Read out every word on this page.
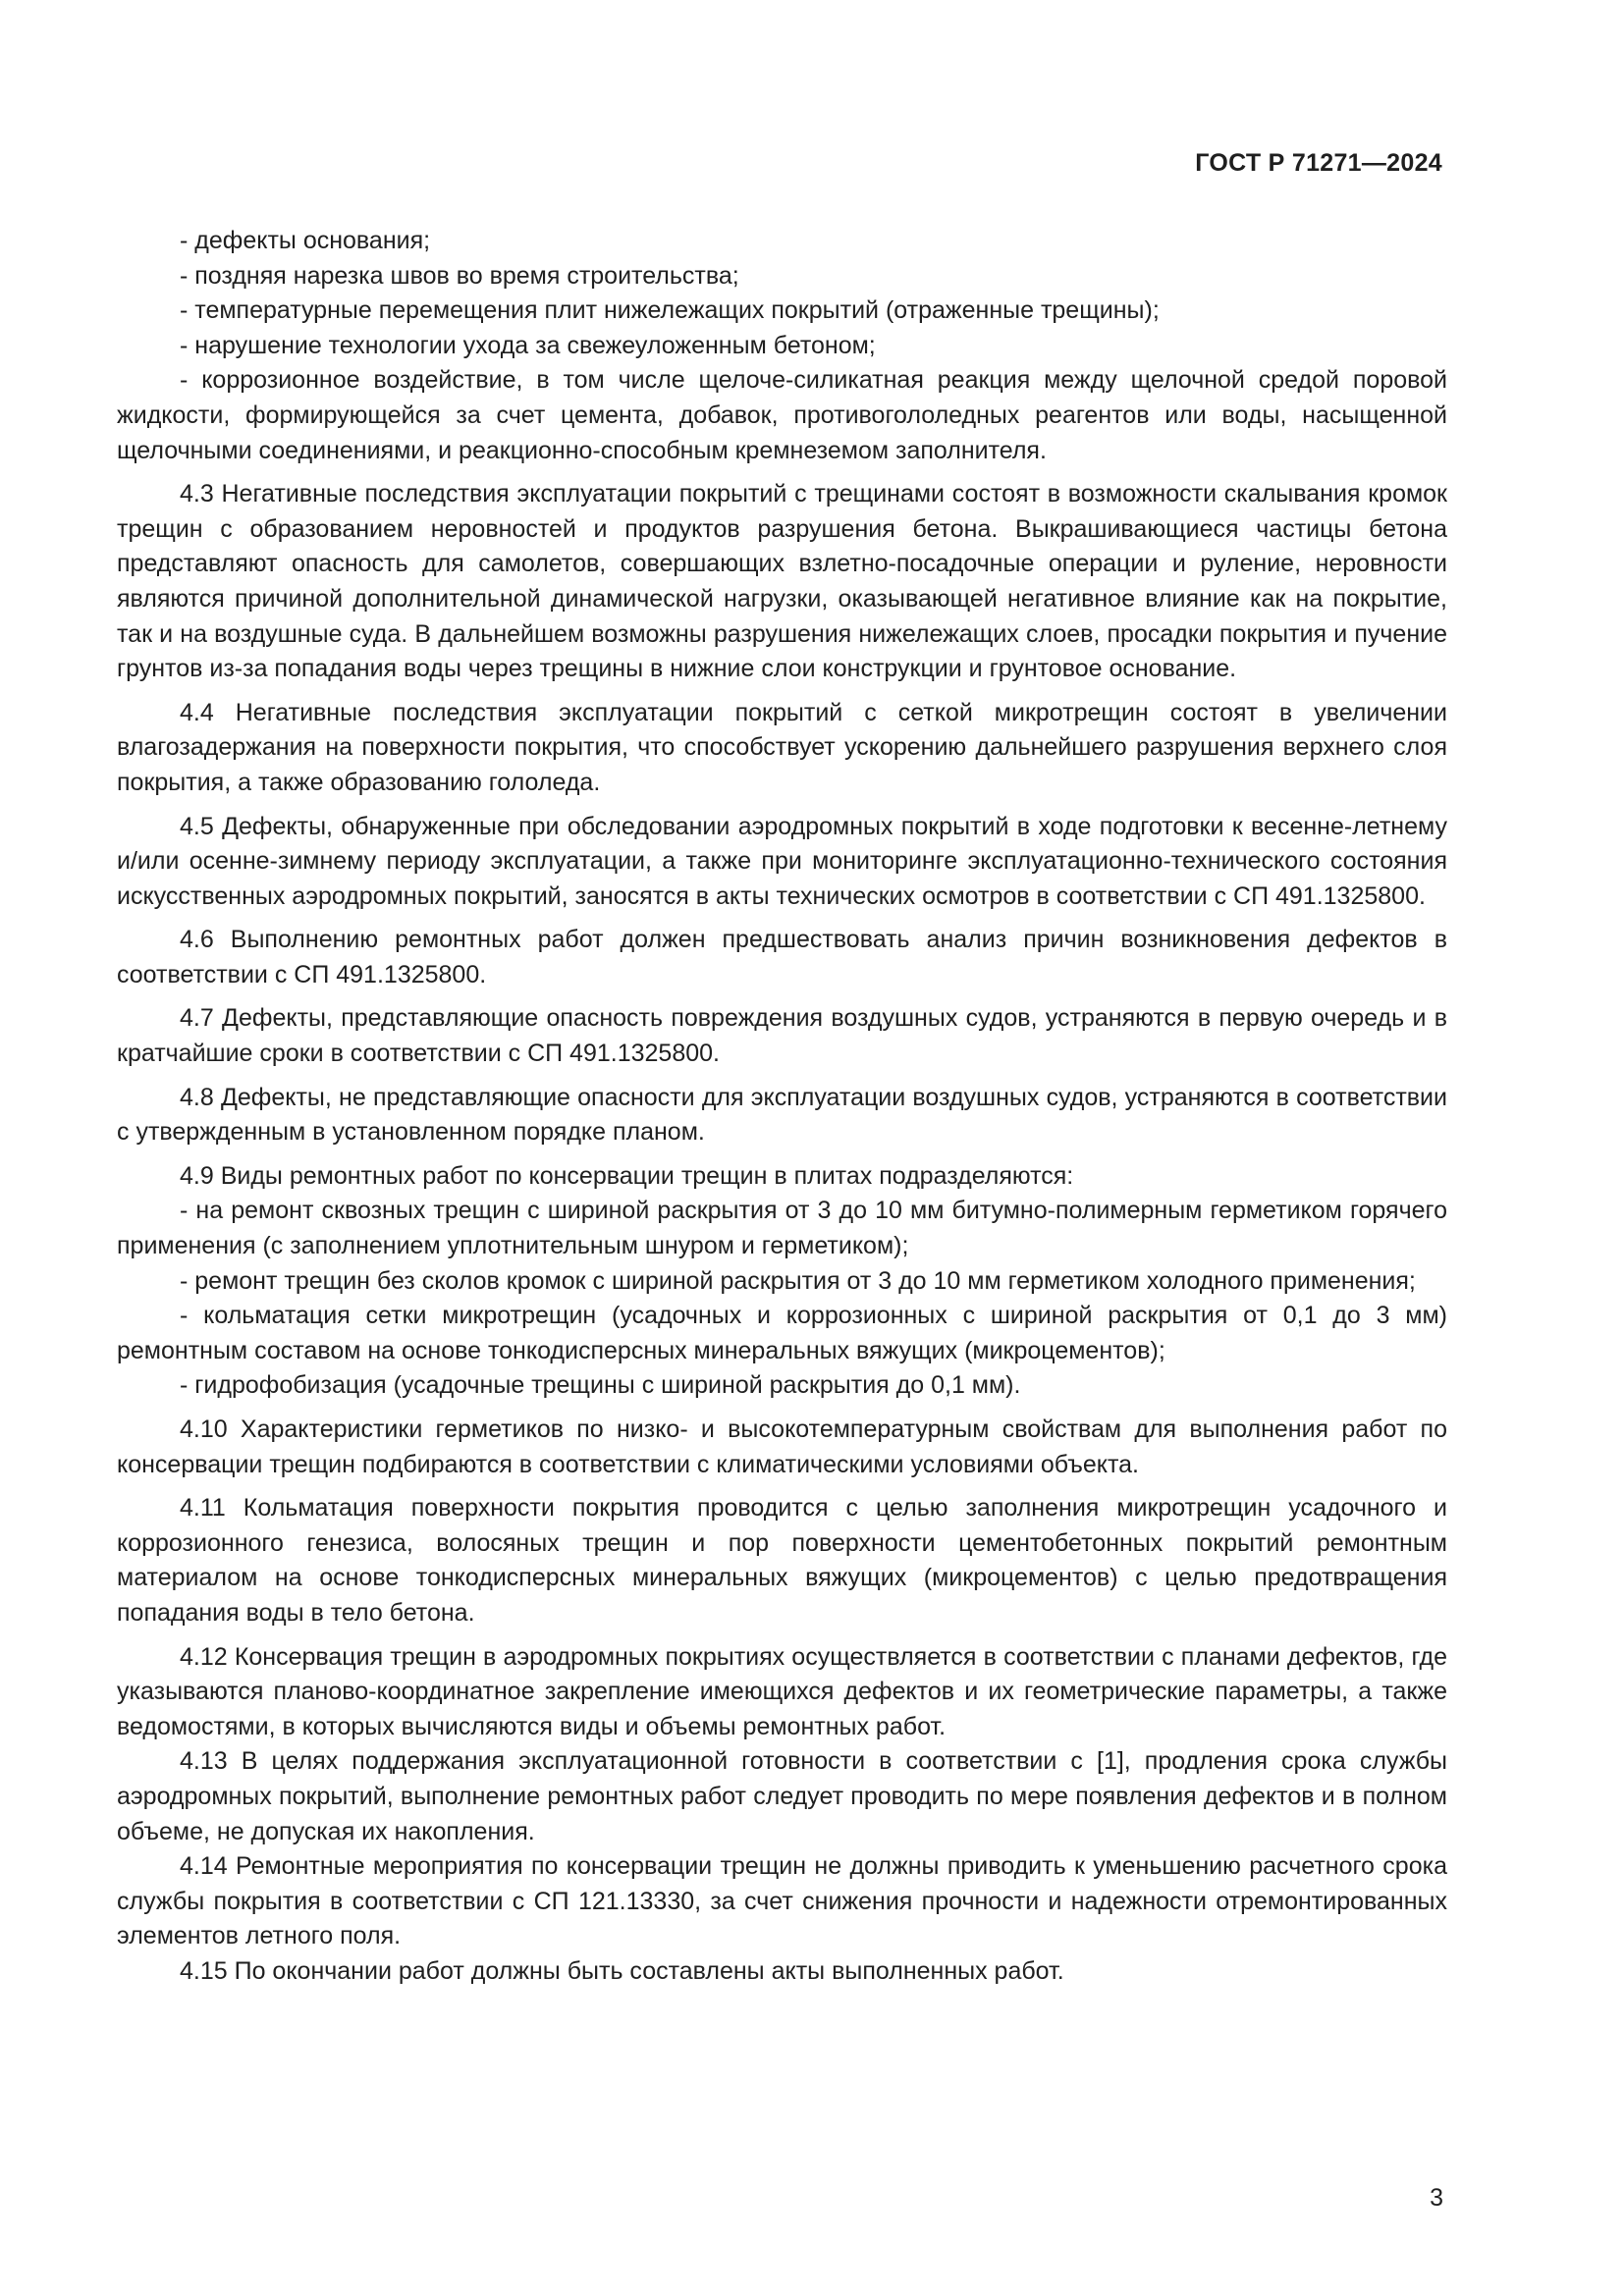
ГОСТ Р 71271—2024

- дефекты основания;

- поздняя нарезка швов во время строительства;

- температурные перемещения плит нижележащих покрытий (отраженные трещины);

- нарушение технологии ухода за свежеуложенным бетоном;

- коррозионное воздействие, в том числе щелоче-силикатная реакция между щелочной средой поровой жидкости, формирующейся за счет цемента, добавок, противогололедных реагентов или воды, насыщенной щелочными соединениями, и реакционно-способным кремнеземом заполнителя.

4.3 Негативные последствия эксплуатации покрытий с трещинами состоят в возможности скалывания кромок трещин с образованием неровностей и продуктов разрушения бетона. Выкрашивающиеся частицы бетона представляют опасность для самолетов, совершающих взлетно-посадочные операции и руление, неровности являются причиной дополнительной динамической нагрузки, оказывающей негативное влияние как на покрытие, так и на воздушные суда. В дальнейшем возможны разрушения нижележащих слоев, просадки покрытия и пучение грунтов из-за попадания воды через трещины в нижние слои конструкции и грунтовое основание.

4.4 Негативные последствия эксплуатации покрытий с сеткой микротрещин состоят в увеличении влагозадержания на поверхности покрытия, что способствует ускорению дальнейшего разрушения верхнего слоя покрытия, а также образованию гололеда.

4.5 Дефекты, обнаруженные при обследовании аэродромных покрытий в ходе подготовки к весенне-летнему и/или осенне-зимнему периоду эксплуатации, а также при мониторинге эксплуатационно-технического состояния искусственных аэродромных покрытий, заносятся в акты технических осмотров в соответствии с СП 491.1325800.

4.6 Выполнению ремонтных работ должен предшествовать анализ причин возникновения дефектов в соответствии с СП 491.1325800.

4.7 Дефекты, представляющие опасность повреждения воздушных судов, устраняются в первую очередь и в кратчайшие сроки в соответствии с СП 491.1325800.

4.8 Дефекты, не представляющие опасности для эксплуатации воздушных судов, устраняются в соответствии с утвержденным в установленном порядке планом.

4.9 Виды ремонтных работ по консервации трещин в плитах подразделяются:

- на ремонт сквозных трещин с шириной раскрытия от 3 до 10 мм битумно-полимерным герметиком горячего применения (с заполнением уплотнительным шнуром и герметиком);

- ремонт трещин без сколов кромок с шириной раскрытия от 3 до 10 мм герметиком холодного применения;

- кольматация сетки микротрещин (усадочных и коррозионных с шириной раскрытия от 0,1 до 3 мм) ремонтным составом на основе тонкодисперсных минеральных вяжущих (микроцементов);

- гидрофобизация (усадочные трещины с шириной раскрытия до 0,1 мм).

4.10 Характеристики герметиков по низко- и высокотемпературным свойствам для выполнения работ по консервации трещин подбираются в соответствии с климатическими условиями объекта.

4.11 Кольматация поверхности покрытия проводится с целью заполнения микротрещин усадочного и коррозионного генезиса, волосяных трещин и пор поверхности цементобетонных покрытий ремонтным материалом на основе тонкодисперсных минеральных вяжущих (микроцементов) с целью предотвращения попадания воды в тело бетона.

4.12 Консервация трещин в аэродромных покрытиях осуществляется в соответствии с планами дефектов, где указываются планово-координатное закрепление имеющихся дефектов и их геометрические параметры, а также ведомостями, в которых вычисляются виды и объемы ремонтных работ.

4.13 В целях поддержания эксплуатационной готовности в соответствии с [1], продления срока службы аэродромных покрытий, выполнение ремонтных работ следует проводить по мере появления дефектов и в полном объеме, не допуская их накопления.

4.14 Ремонтные мероприятия по консервации трещин не должны приводить к уменьшению расчетного срока службы покрытия в соответствии с СП 121.13330, за счет снижения прочности и надежности отремонтированных элементов летного поля.

4.15 По окончании работ должны быть составлены акты выполненных работ.

3
